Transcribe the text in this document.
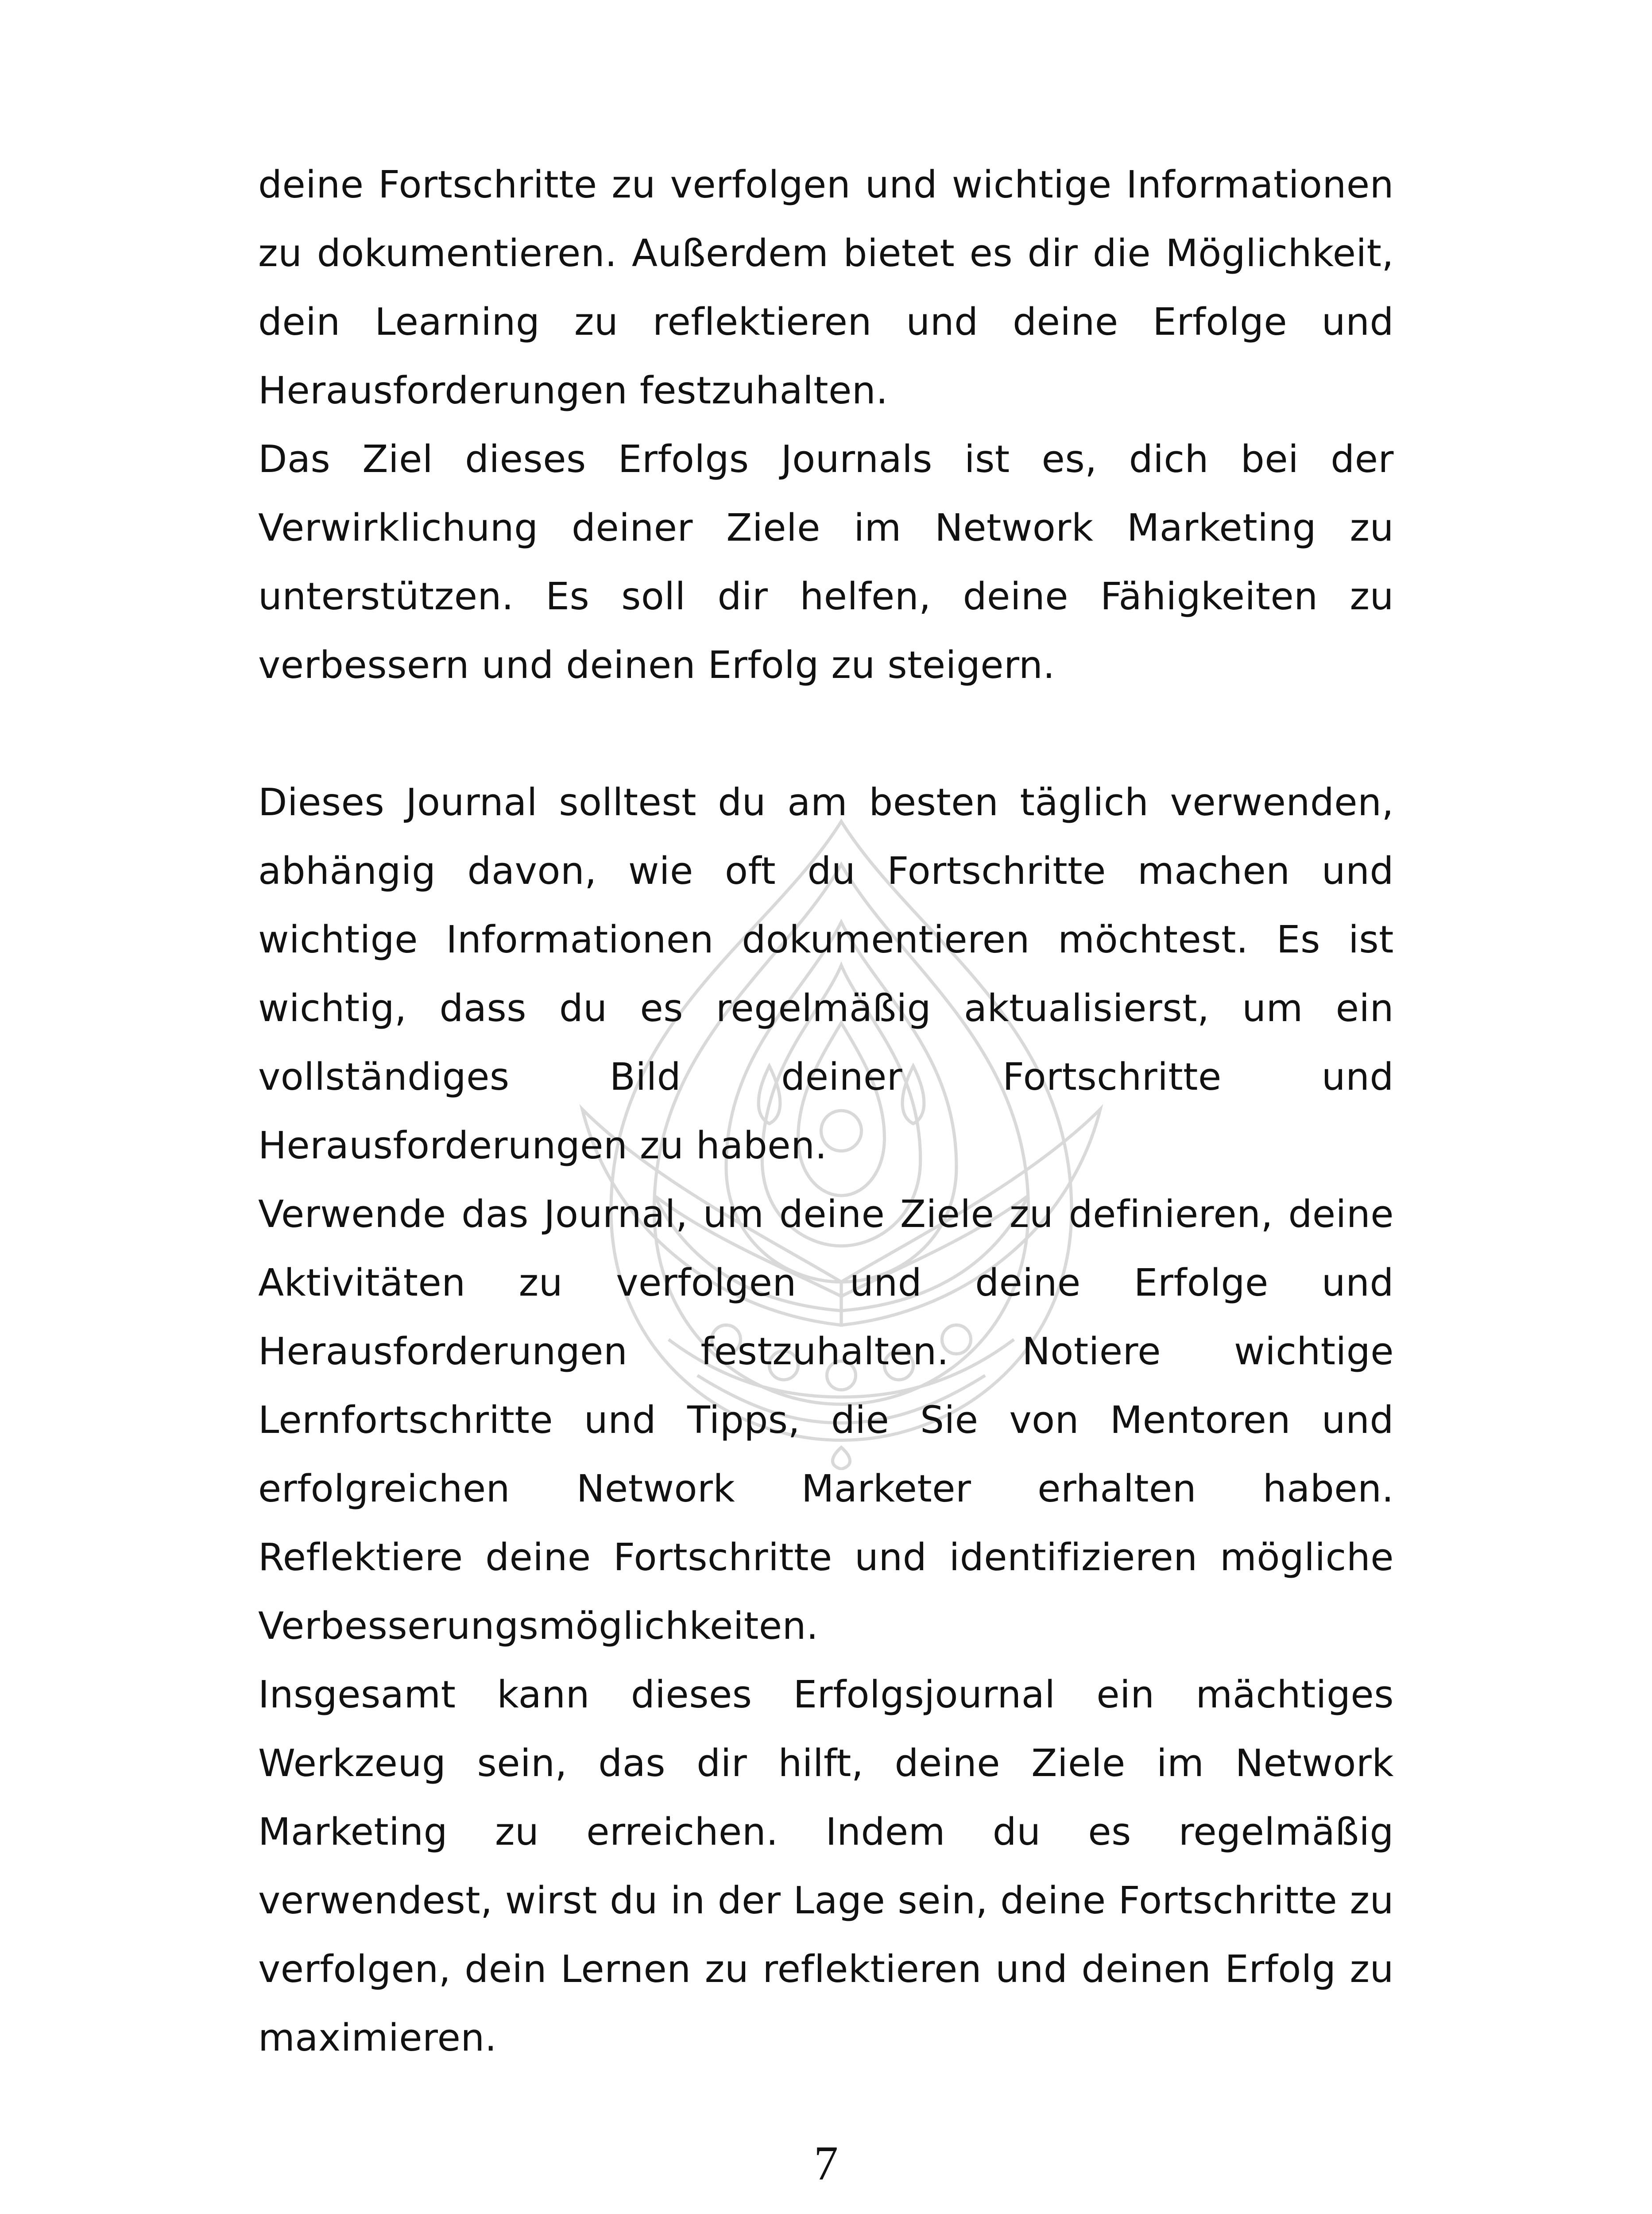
deine Fortschritte zu verfolgen und wichtige Informationen zu dokumentieren. Außerdem bietet es dir die Möglichkeit, dein Learning zu reflektieren und deine Erfolge und Herausforderungen festzuhalten.

Das Ziel dieses Erfolgs Journals ist es, dich bei der Verwirklichung deiner Ziele im Network Marketing zu unterstützen. Es soll dir helfen, deine Fähigkeiten zu verbessern und deinen Erfolg zu steigern.

Dieses Journal solltest du am besten täglich verwenden, abhängig davon, wie oft du Fortschritte machen und wichtige Informationen dokumentieren möchtest. Es ist wichtig, dass du es regelmäßig aktualisierst, um ein vollständiges Bild deiner Fortschritte und Herausforderungen zu haben.

Verwende das Journal, um deine Ziele zu definieren, deine Aktivitäten zu verfolgen und deine Erfolge und Herausforderungen festzuhalten. Notiere wichtige Lernfortschritte und Tipps, die Sie von Mentoren und erfolgreichen Network Marketer erhalten haben. Reflektiere deine Fortschritte und identifizieren mögliche Verbesserungsmöglichkeiten.

Insgesamt kann dieses Erfolgsjournal ein mächtiges Werkzeug sein, das dir hilft, deine Ziele im Network Marketing zu erreichen. Indem du es regelmäßig verwendest, wirst du in der Lage sein, deine Fortschritte zu verfolgen, dein Lernen zu reflektieren und deinen Erfolg zu maximieren.

7
